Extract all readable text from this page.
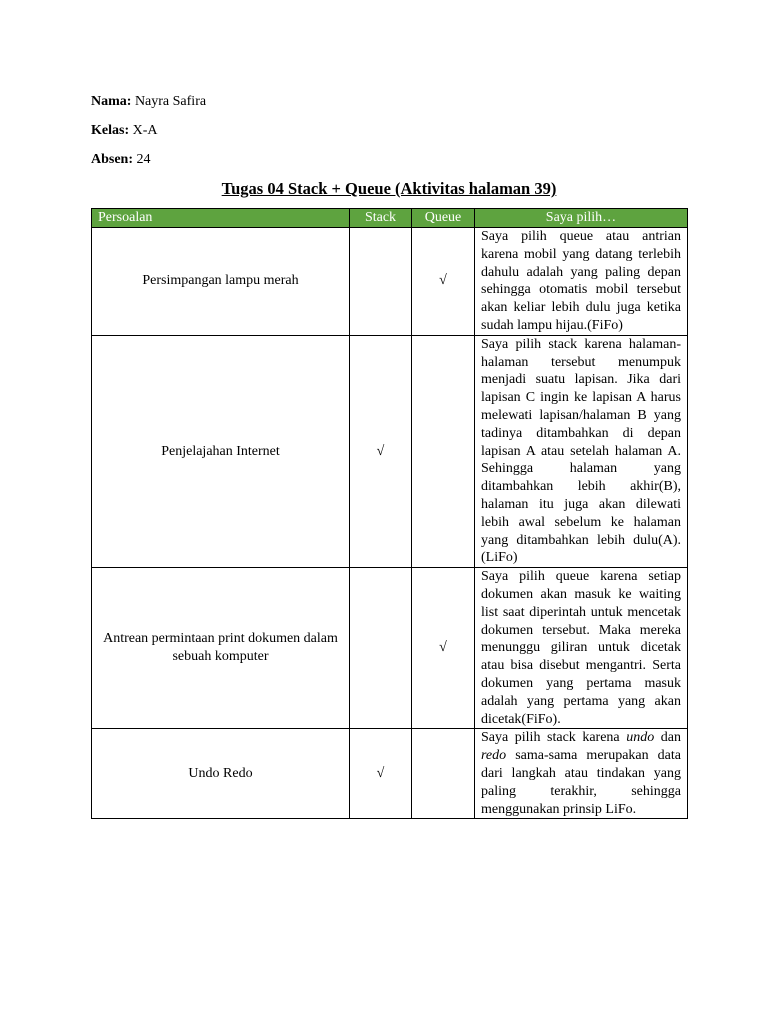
Nama: Nayra Safira

Kelas: X-A

Absen: 24

Tugas 04 Stack + Queue (Aktivitas halaman 39)
Persoalan	Stack	Queue	Saya pilih…
Persimpangan lampu merah		√	Saya pilih queue atau antrian karena mobil yang datang terlebih dahulu adalah yang paling depan sehingga otomatis mobil tersebut akan keliar lebih dulu juga ketika sudah lampu hijau.(FiFo)
Penjelajahan Internet	√		Saya pilih stack karena halaman-halaman tersebut menumpuk menjadi suatu lapisan. Jika dari lapisan C ingin ke lapisan A harus melewati lapisan/halaman B yang tadinya ditambahkan di depan lapisan A atau setelah halaman A. Sehingga halaman yang ditambahkan lebih akhir(B), halaman itu juga akan dilewati lebih awal sebelum ke halaman yang ditambahkan lebih dulu(A).(LiFo)
Antrean permintaan print dokumen dalam sebuah komputer		√	Saya pilih queue karena setiap dokumen akan masuk ke waiting list saat diperintah untuk mencetak dokumen tersebut. Maka mereka menunggu giliran untuk dicetak atau bisa disebut mengantri. Serta dokumen yang pertama masuk adalah yang pertama yang akan dicetak(FiFo).
Undo Redo	√		Saya pilih stack karena undo dan redo sama-sama merupakan data dari langkah atau tindakan yang paling terakhir, sehingga menggunakan prinsip LiFo.
